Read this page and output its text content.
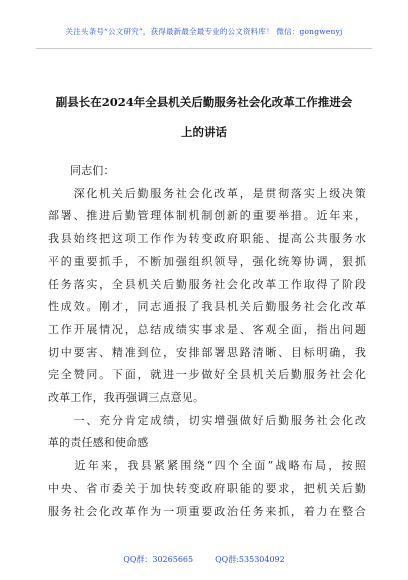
关注头条号“公文研究”，获得最新最全最专业的公文资料库！ 微信：gongwenyj
副县长在2024年全县机关后勤服务社会化改革工作推进会
上的讲话
同志们：

　　深化机关后勤服务社会化改革，是贯彻落实上级决策
部署、推进后勤管理体制机制创新的重要举措。近年来，
我县始终把这项工作作为转变政府职能、提高公共服务水
平的重要抓手，不断加强组织领导，强化统筹协调，狠抓
任务落实，全县机关后勤服务社会化改革工作取得了阶段
性成效。刚才，同志通报了我县机关后勤服务社会化改革
工作开展情况，总结成绩实事求是、客观全面，指出问题
切中要害、精准到位，安排部署思路清晰、目标明确，我
完全赞同。下面，就进一步做好全县机关后勤服务社会化
改革工作，我再强调三点意见。

　　一、充分肯定成绩，切实增强做好后勤服务社会化改
革的责任感和使命感

　　近年来，我县紧紧围绕“四个全面”战略布局，按照
中央、省市委关于加快转变政府职能的要求，把机关后勤
服务社会化改革作为一项重要政治任务来抓，着力在整合

QQ群：30265665	QQ群:535304092
